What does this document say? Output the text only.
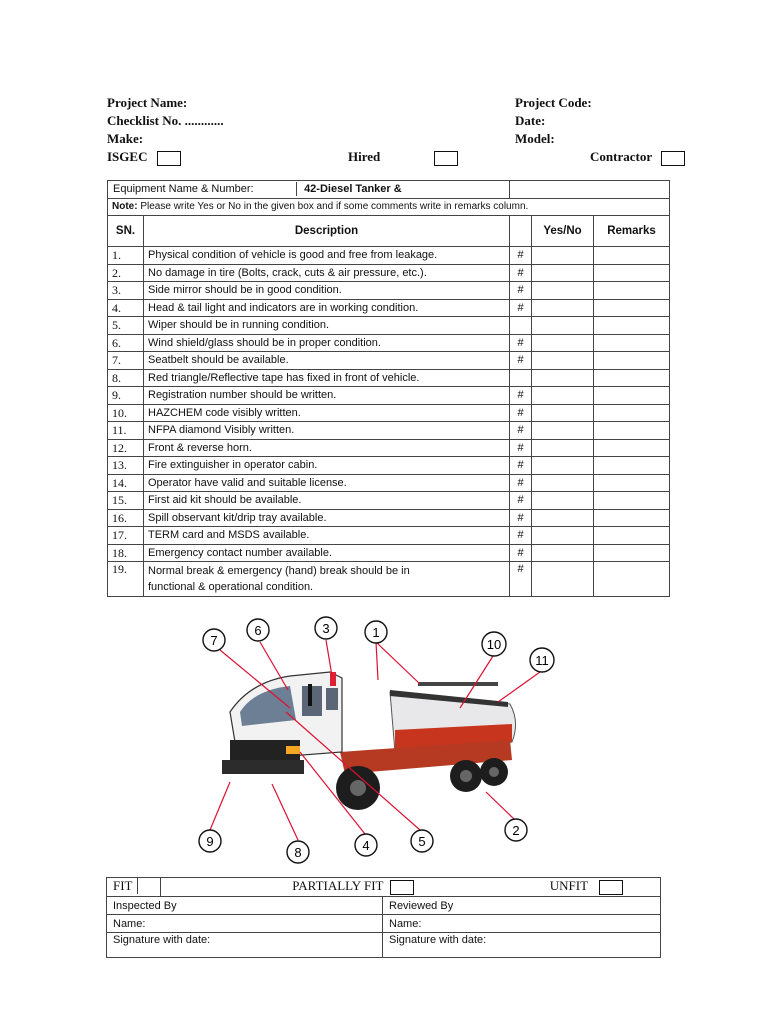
Project Name:	Project Code:
Checklist No. ............	Date:
Make:	Model:
ISGEC	Hired	Contractor
Equipment Name & Number: 42-Diesel Tanker &				
Note: Please write Yes or No in the given box and if some comments write in remarks column.				
SN.	Description		Yes/No	Remarks
1.	Physical condition of vehicle is good and free from leakage.	#		
2.	No damage in tire (Bolts, crack, cuts & air pressure, etc.).	#		
3.	Side mirror should be in good condition.	#		
4.	Head & tail light and indicators are in working condition.	#		
5.	Wiper should be in running condition.			
6.	Wind shield/glass should be in proper condition.	#		
7.	Seatbelt should be available.	#		
8.	Red triangle/Reflective tape has fixed in front of vehicle.			
9.	Registration number should be written.	#		
10.	HAZCHEM code visibly written.	#		
11.	NFPA diamond Visibly written.	#		
12.	Front & reverse horn.	#		
13.	Fire extinguisher in operator cabin.	#		
14.	Operator have valid and suitable license.	#		
15.	First aid kit should be available.	#		
16.	Spill observant kit/drip tray available.	#		
17.	TERM card and MSDS available.	#		
18.	Emergency contact number available.	#		
19.	Normal break & emergency (hand) break should be in
functional & operational condition.	#		
1
2
3
4	5
6
7
8
9
10
11
FIT PARTIALLY FIT UNFIT	
Inspected By	Reviewed By
Name:	Name:
Signature with date:	Signature with date:
